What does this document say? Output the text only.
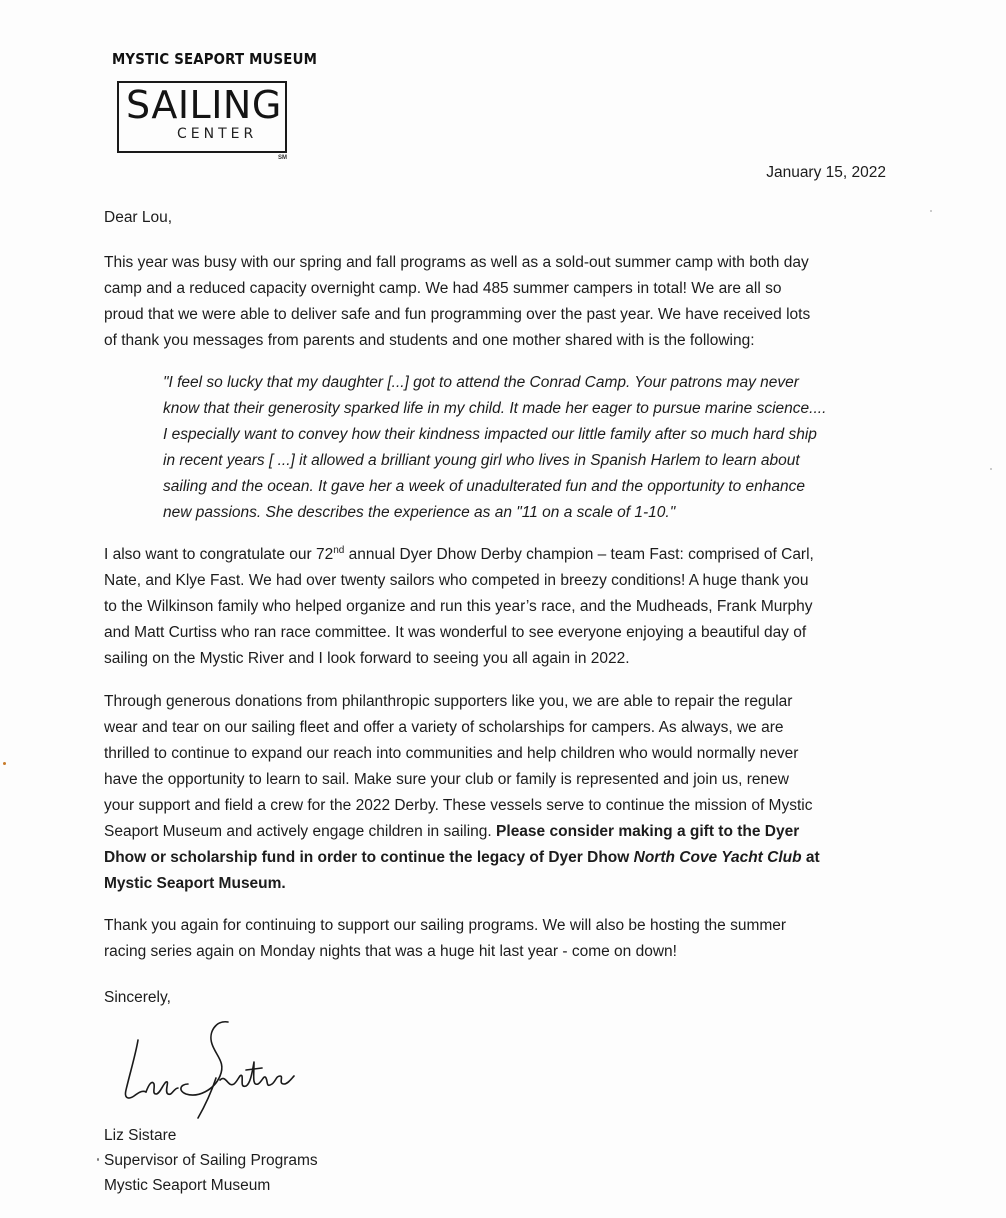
MYSTIC SEAPORT MUSEUM
SAILING
CENTER
SM
January 15, 2022

Dear Lou,

This year was busy with our spring and fall programs as well as a sold-out summer camp with both day
camp and a reduced capacity overnight camp. We had 485 summer campers in total! We are all so
proud that we were able to deliver safe and fun programming over the past year. We have received lots
of thank you messages from parents and students and one mother shared with is the following:

"I feel so lucky that my daughter [...] got to attend the Conrad Camp. Your patrons may never
know that their generosity sparked life in my child. It made her eager to pursue marine science....
I especially want to convey how their kindness impacted our little family after so much hard ship
in recent years [ ...] it allowed a brilliant young girl who lives in Spanish Harlem to learn about
sailing and the ocean. It gave her a week of unadulterated fun and the opportunity to enhance
new passions. She describes the experience as an "11 on a scale of 1-10."

I also want to congratulate our 72nd annual Dyer Dhow Derby champion – team Fast: comprised of Carl,
Nate, and Klye Fast. We had over twenty sailors who competed in breezy conditions! A huge thank you
to the Wilkinson family who helped organize and run this year’s race, and the Mudheads, Frank Murphy
and Matt Curtiss who ran race committee. It was wonderful to see everyone enjoying a beautiful day of
sailing on the Mystic River and I look forward to seeing you all again in 2022.

Through generous donations from philanthropic supporters like you, we are able to repair the regular
wear and tear on our sailing fleet and offer a variety of scholarships for campers. As always, we are
thrilled to continue to expand our reach into communities and help children who would normally never
have the opportunity to learn to sail. Make sure your club or family is represented and join us, renew
your support and field a crew for the 2022 Derby. These vessels serve to continue the mission of Mystic
Seaport Museum and actively engage children in sailing. Please consider making a gift to the Dyer
Dhow or scholarship fund in order to continue the legacy of Dyer Dhow North Cove Yacht Club at
Mystic Seaport Museum.

Thank you again for continuing to support our sailing programs. We will also be hosting the summer
racing series again on Monday nights that was a huge hit last year - come on down!

Sincerely,

Liz Sistare

Supervisor of Sailing Programs

Mystic Seaport Museum
